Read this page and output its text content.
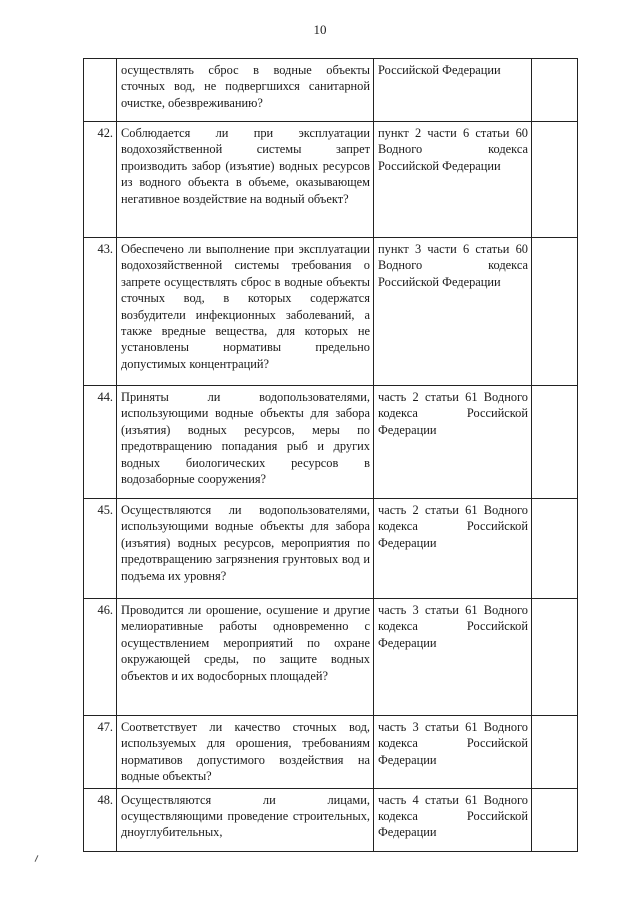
10
	осуществлять сброс в водные объекты сточных вод, не подвергшихся санитарной очистке, обезвреживанию?	Российской Федерации	
42.	Соблюдается ли при эксплуатации водохозяйственной системы запрет производить забор (изъятие) водных ресурсов из водного объекта в объеме, оказывающем негативное воздействие на водный объект?	пункт 2 части 6 статьи 60 Водного кодекса Российской Федерации	
43.	Обеспечено ли выполнение при эксплуатации водохозяйственной системы требования о запрете осуществлять сброс в водные объекты сточных вод, в которых содержатся возбудители инфекционных заболеваний, а также вредные вещества, для которых не установлены нормативы предельно допустимых концентраций?	пункт 3 части 6 статьи 60 Водного кодекса Российской Федерации	
44.	Приняты ли водопользователями, использующими водные объекты для забора (изъятия) водных ресурсов, меры по предотвращению попадания рыб и других водных биологических ресурсов в водозаборные сооружения?	часть 2 статьи 61 Водного кодекса Российской Федерации	
45.	Осуществляются ли водопользователями, использующими водные объекты для забора (изъятия) водных ресурсов, мероприятия по предотвращению загрязнения грунтовых вод и подъема их уровня?	часть 2 статьи 61 Водного кодекса Российской Федерации	
46.	Проводится ли орошение, осушение и другие мелиоративные работы одновременно с осуществлением мероприятий по охране окружающей среды, по защите водных объектов и их водосборных площадей?	часть 3 статьи 61 Водного кодекса Российской Федерации	
47.	Соответствует ли качество сточных вод, используемых для орошения, требованиям нормативов допустимого воздействия на водные объекты?	часть 3 статьи 61 Водного кодекса Российской Федерации	
48.	Осуществляются ли лицами, осуществляющими проведение строительных, дноуглубительных,	часть 4 статьи 61 Водного кодекса Российской Федерации	
